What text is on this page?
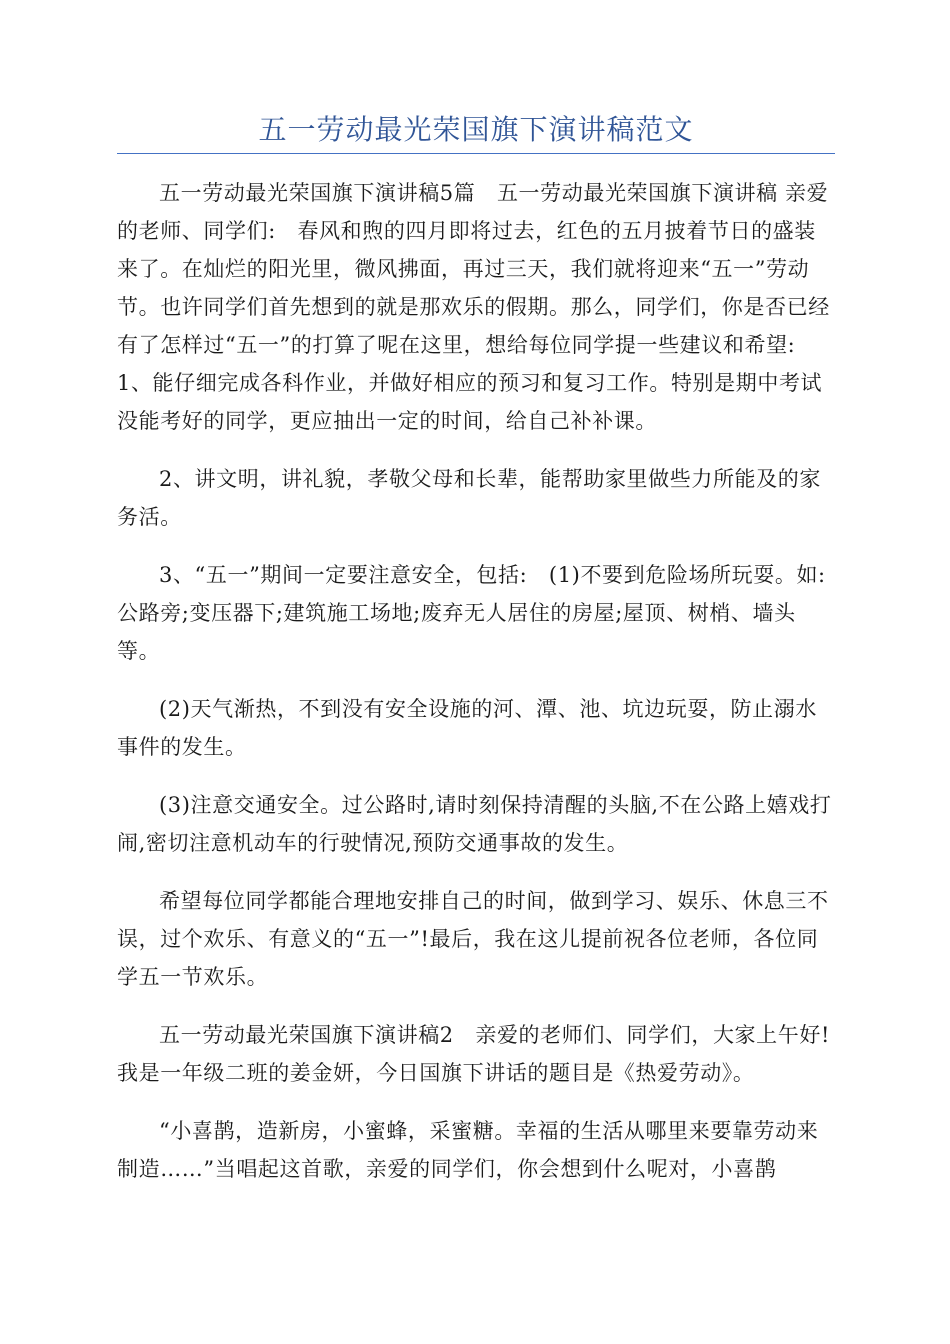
五一劳动最光荣国旗下演讲稿范文

五一劳动最光荣国旗下演讲稿5篇　五一劳动最光荣国旗下演讲稿 亲爱的老师、同学们:　春风和煦的四月即将过去，红色的五月披着节日的盛装来了。在灿烂的阳光里，微风拂面，再过三天，我们就将迎来“五一”劳动节。也许同学们首先想到的就是那欢乐的假期。那么，同学们，你是否已经有了怎样过“五一”的打算了呢在这里，想给每位同学提一些建议和希望:　1、能仔细完成各科作业，并做好相应的预习和复习工作。特别是期中考试没能考好的同学，更应抽出一定的时间，给自己补补课。

2、讲文明，讲礼貌，孝敬父母和长辈，能帮助家里做些力所能及的家务活。

3、“五一”期间一定要注意安全，包括:　(1)不要到危险场所玩耍。如:公路旁;变压器下;建筑施工场地;废弃无人居住的房屋;屋顶、树梢、墙头等。

(2)天气渐热，不到没有安全设施的河、潭、池、坑边玩耍，防止溺水事件的发生。

(3)注意交通安全。过公路时,请时刻保持清醒的头脑,不在公路上嬉戏打闹,密切注意机动车的行驶情况,预防交通事故的发生。

希望每位同学都能合理地安排自己的时间，做到学习、娱乐、休息三不误，过个欢乐、有意义的“五一”!最后，我在这儿提前祝各位老师，各位同学五一节欢乐。

五一劳动最光荣国旗下演讲稿2　亲爱的老师们、同学们，大家上午好!　我是一年级二班的姜金妍，今日国旗下讲话的题目是《热爱劳动》。

“小喜鹊，造新房，小蜜蜂，采蜜糖。幸福的生活从哪里来要靠劳动来制造……”当唱起这首歌，亲爱的同学们，你会想到什么呢对，小喜鹊
